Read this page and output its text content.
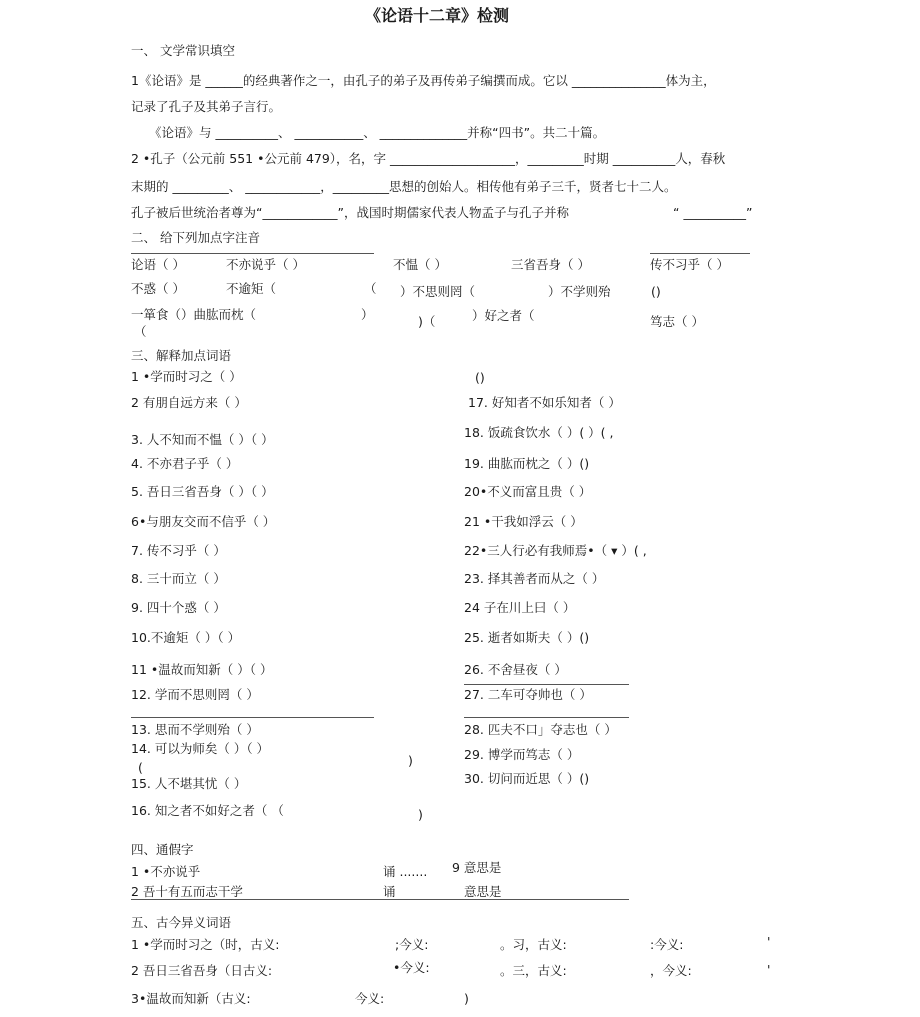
《论语十二章》检测
一、 文学常识填空
1《论语》是 ______的经典著作之一，由孔子的弟子及再传弟子编撰而成。它以 _______________体为主，
记录了孔子及其弟子言行。
《论语》与 __________、 ___________、 ______________并称“四书”。共二十篇。
2 •孔子（公元前 551 •公元前 479），名，字 ____________________，_________时期 __________人，春秋
末期的 _________、 ____________，_________思想的创始人。相传他有弟子三千，贤者七十二人。
孔子被后世统治者尊为“____________”，战国时期儒家代表人物孟子与孔子并称	“ __________”
二、 给下列加点字注音
论语（ ）	不亦说乎（ ）	不愠（ ）	三省吾身（ ）	传不习乎（ ）
不惑（ ）	不逾矩（	（ ）不思则罔（	）不学则殆	()
一箪食（）曲肱而枕（	）	)（	）好之者（	笃志（ ）
（
三、解释加点词语
1 •学而时习之（ ）
2 有朋自远方来（ ）
3. 人不知而不愠（ ）（ ）
4. 不亦君子乎（ ）
5. 吾日三省吾身（ ）（ ）
6•与朋友交而不信乎（ ）
7. 传不习乎（ ）
8. 三十而立（ ）
9. 四十个惑（ ）
10.不逾矩（ ）（ ）
11 •温故而知新（ ）（ ）
12. 学而不思则罔（ ）
13. 思而不学则殆（ ）
14. 可以为师矣（ ）（ ）
(	)
15. 人不堪其忧（ ）
16. 知之者不如好之者（ （	)
()
17. 好知者不如乐知者（ ）
18. 饭疏食饮水（ ）( ）( ,
19. 曲肱而枕之（ ）()
20•不义而富且贵（ ）
21 •干我如浮云（ ）
22•三人行必有我师焉•（ ▾ ）( ,
23. 择其善者而从之（ ）
24 子在川上曰（ ）
25. 逝者如斯夫（ ）()
26. 不舍昼夜（ ）
27. 二车可夺帅也（ ）
28. 匹夫不口」夺志也（ ）
29. 博学而笃志（ ）
30. 切问而近思（ ）()
四、通假字
1 •不亦说乎	诵 ....... 9 意思是
2 吾十有五而志干学	诵	意思是
五、古今异义词语
1 •学而时习之（时，古义:	;今义:	。习，古义:	:今义:	'
2 吾日三省吾身（日古义:	•今义:	。三，古义:	，今义:	'
3•温故而知新（古义:	今义:	)
